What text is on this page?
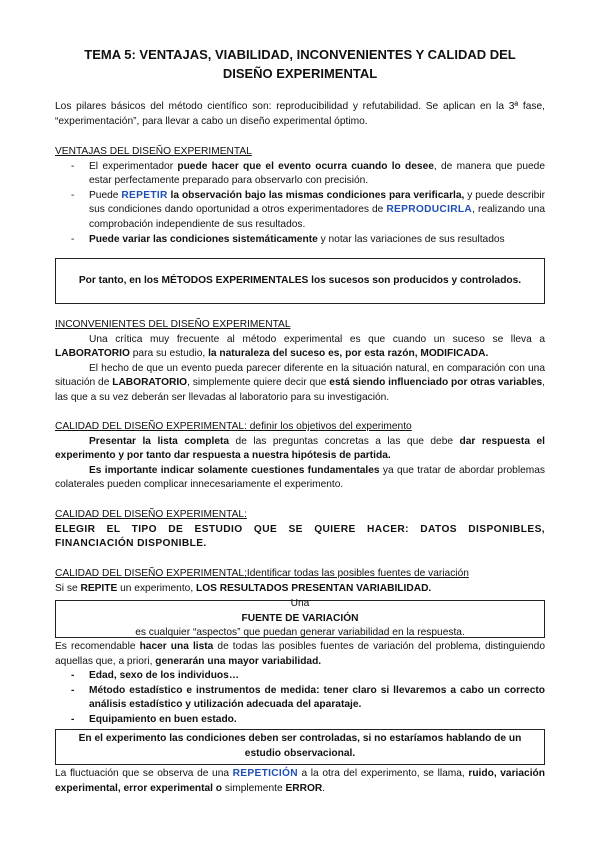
TEMA 5: VENTAJAS, VIABILIDAD, INCONVENIENTES Y CALIDAD DEL
DISEÑO EXPERIMENTAL

Los pilares básicos del método científico son: reproducibilidad y refutabilidad. Se aplican en la 3ª fase, “experimentación”, para llevar a cabo un diseño experimental óptimo.

VENTAJAS DEL DISEÑO EXPERIMENTAL
- El experimentador puede hacer que el evento ocurra cuando lo desee, de manera que puede estar perfectamente preparado para observarlo con precisión.
- Puede REPETIR la observación bajo las mismas condiciones para verificarla, y puede describir sus condiciones dando oportunidad a otros experimentadores de REPRODUCIRLA, realizando una comprobación independiente de sus resultados.
- Puede variar las condiciones sistemáticamente y notar las variaciones de sus resultados
Por tanto, en los MÉTODOS EXPERIMENTALES los sucesos son producidos y controlados.
INCONVENIENTES DEL DISEÑO EXPERIMENTAL

Una crítica muy frecuente al método experimental es que cuando un suceso se lleva a LABORATORIO para su estudio, la naturaleza del suceso es, por esta razón, MODIFICADA.

El hecho de que un evento pueda parecer diferente en la situación natural, en comparación con una situación de LABORATORIO, simplemente quiere decir que está siendo influenciado por otras variables, las que a su vez deberán ser llevadas al laboratorio para su investigación.

CALIDAD DEL DISEÑO EXPERIMENTAL: definir los objetivos del experimento

Presentar la lista completa de las preguntas concretas a las que debe dar respuesta el experimento y por tanto dar respuesta a nuestra hipótesis de partida.

Es importante indicar solamente cuestiones fundamentales ya que tratar de abordar problemas colaterales pueden complicar innecesariamente el experimento.

CALIDAD DEL DISEÑO EXPERIMENTAL:

ELEGIR EL TIPO DE ESTUDIO QUE SE QUIERE HACER: DATOS DISPONIBLES, FINANCIACIÓN DISPONIBLE.

CALIDAD DEL DISEÑO EXPERIMENTAL;Identificar todas las posibles fuentes de variación

Si se REPITE un experimento, LOS RESULTADOS PRESENTAN VARIABILIDAD.

Una
FUENTE DE VARIACIÓN
es cualquier “aspectos” que puedan generar variabilidad en la respuesta.

Es recomendable hacer una lista de todas las posibles fuentes de variación del problema, distinguiendo aquellas que, a priori, generarán una mayor variabilidad.

- Edad, sexo de los individuos…
- Método estadístico e instrumentos de medida: tener claro si llevaremos a cabo un correcto análisis estadístico y utilización adecuada del aparataje.
- Equipamiento en buen estado.
En el experimento las condiciones deben ser controladas, si no estaríamos hablando de un estudio observacional.

La fluctuación que se observa de una REPETICIÓN a la otra del experimento, se llama, ruido, variación experimental, error experimental o simplemente ERROR.
